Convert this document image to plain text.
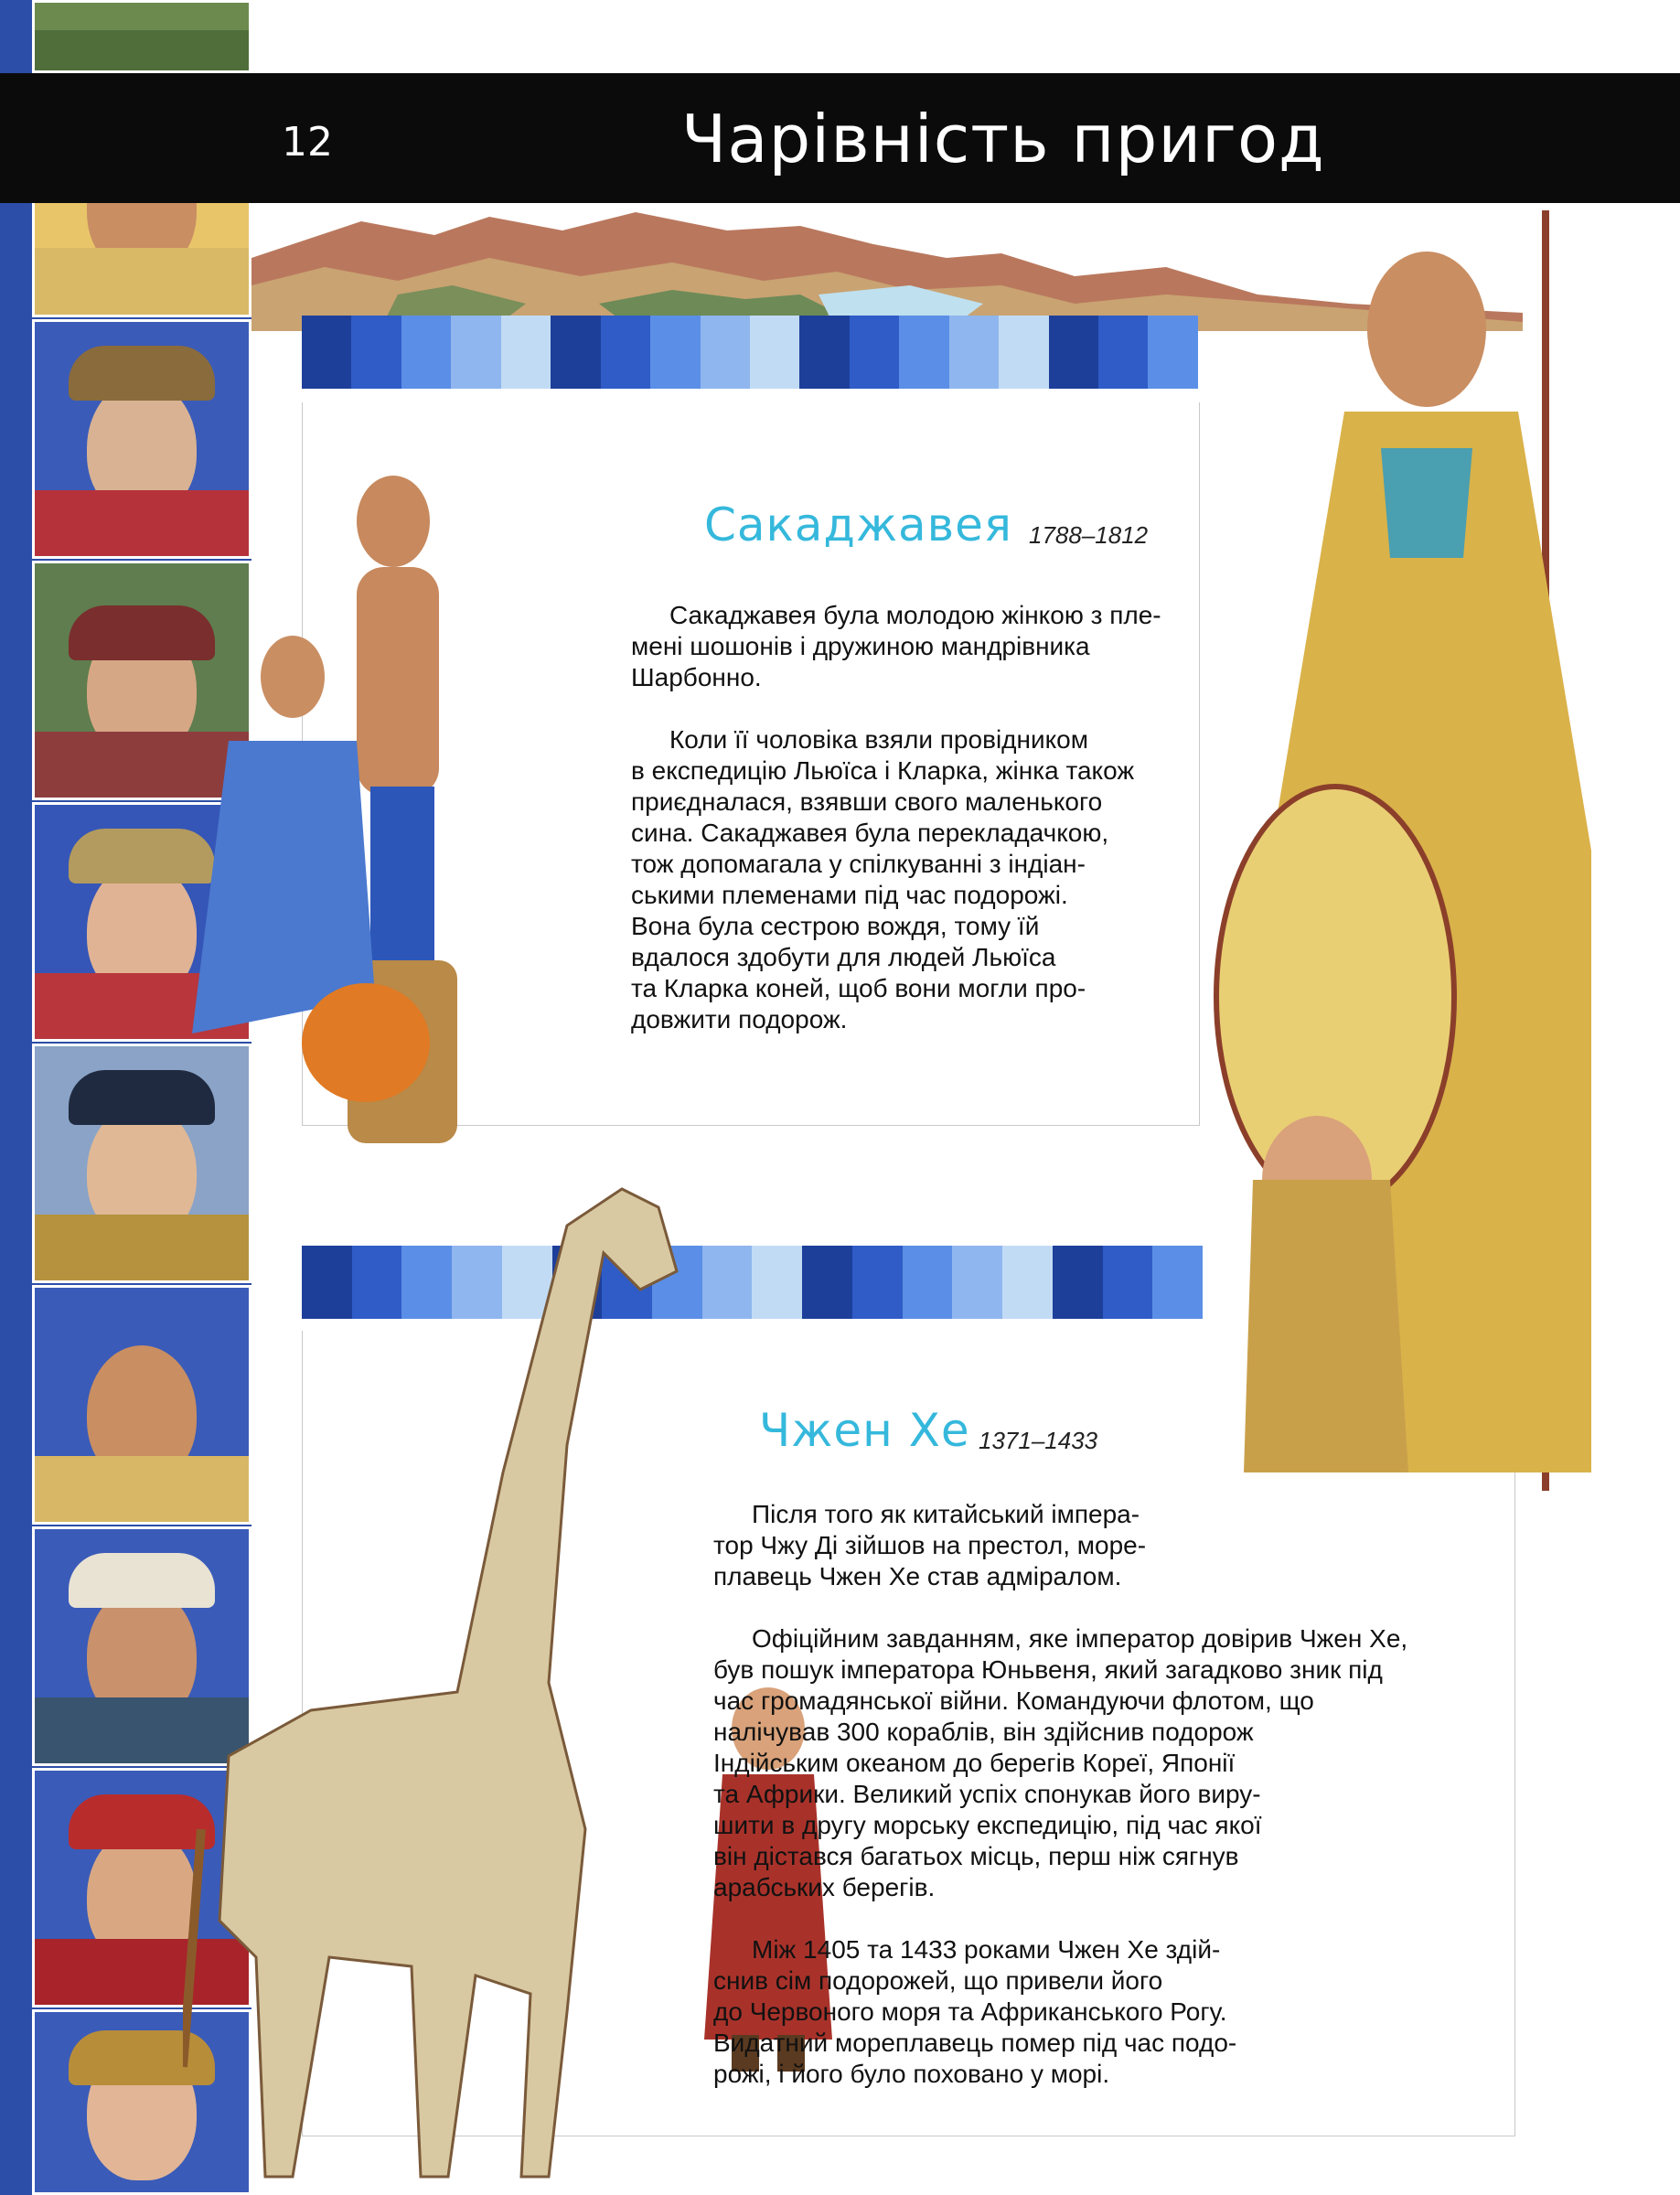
12	Чарівність пригод
Сакаджавея 1788–1812

Сакаджавея була молодою жінкою з пле-
мені шошонів і дружиною мандрівника
Шарбонно.

Коли її чоловіка взяли провідником
в експедицію Льюїса і Кларка, жінка також
приєдналася, взявши свого маленького
сина. Сакаджавея була перекладачкою,
тож допомагала у спілкуванні з індіан-
ськими племенами під час подорожі.
Вона була сестрою вождя, тому їй
вдалося здобути для людей Льюїса
та Кларка коней, щоб вони могли про-
довжити подорож.

Чжен Хе 1371–1433

Після того як китайський імпера-
тор Чжу Ді зійшов на престол, море-
плавець Чжен Хе став адміралом.

Офіційним завданням, яке імператор довірив Чжен Хе,
був пошук імператора Юньвеня, який загадково зник під
час громадянської війни. Командуючи флотом, що
налічував 300 кораблів, він здійснив подорож
Індійським океаном до берегів Кореї, Японії
та Африки. Великий успіх спонукав його виру-
шити в другу морську експедицію, під час якої
він дістався багатьох місць, перш ніж сягнув
арабських берегів.

Між 1405 та 1433 роками Чжен Хе здій-
снив сім подорожей, що привели його
до Червоного моря та Африканського Рогу.
Видатний мореплавець помер під час подо-
рожі, і його було поховано у морі.
